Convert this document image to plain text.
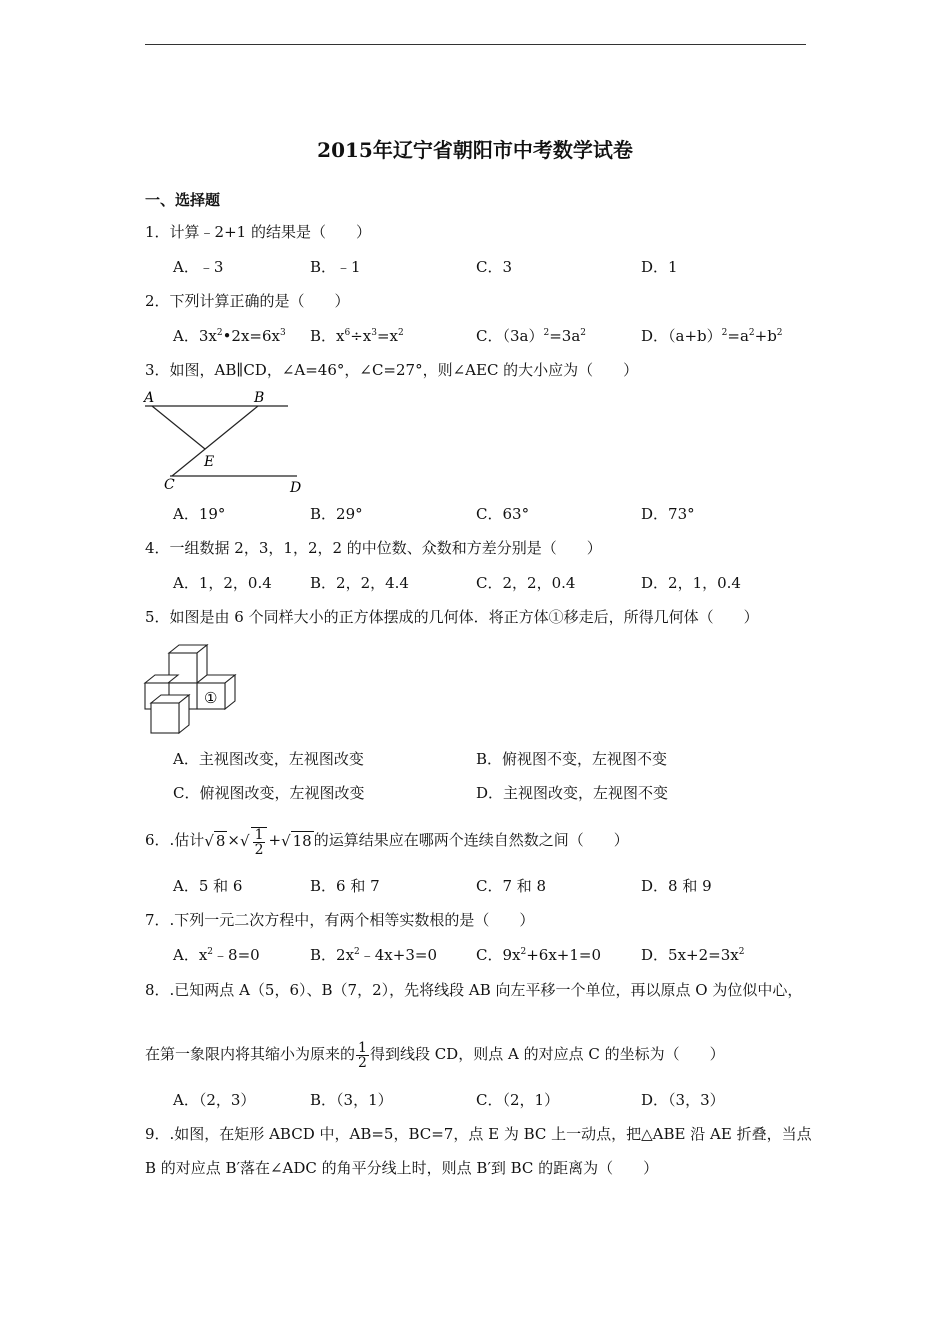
2015年辽宁省朝阳市中考数学试卷
一、选择题
1．计算﹣2+1 的结果是（　　）
A．﹣3	B．﹣1	C．3	D．1
2．下列计算正确的是（　　）
A．$3x^2•2x=6x^3$ B．$x^6\div x^3=x^2$	C．$(3a)^2=3a^2$	D．$(a+b)^2=a^2+b^2$
3．如图，AB∥CD，∠A=46°，∠C=27°，则∠AEC 的大小应为（　　）
A	B
E
C	D
A．19°	B．29°	C．63°	D．73°
4．一组数据 2，3，1，2，2 的中位数、众数和方差分别是（　　）
A．1，2，0.4	B．2，2，4.4	C．2，2，0.4	D．2，1，0.4
5．如图是由 6 个同样大小的正方体摆成的几何体．将正方体①移走后，所得几何体（　　）
①
A．主视图改变，左视图改变	B．俯视图不变，左视图不变
C．俯视图改变，左视图改变	D．主视图改变，左视图不变
6．.估计√ 8 ×√ $\frac{1}{2}$ +√ 18 的运算结果应在哪两个连续自然数之间（　　）
A．5 和 6	B．6 和 7	C．7 和 8	D．8 和 9
7．.下列一元二次方程中，有两个相等实数根的是（　　）
A．$x^2﹣8=0$	B．$2x^2﹣4x+3=0$	C．$9x^2+6x+1=0$	D．$5x+2=3x^2$
8．.已知两点 A（5，6）、B（7，2），先将线段 AB 向左平移一个单位，再以原点 O 为位似中心，
在第一象限内将其缩小为原来的 $\frac{1}{2}$ 得到线段 CD，则点 A 的对应点 C 的坐标为（　　）
A．（2，3）	B．（3，1）	C．（2，1）	D．（3，3）
9．.如图，在矩形 ABCD 中，AB=5，BC=7，点 E 为 BC 上一动点，把△ABE 沿 AE 折叠，当点
B 的对应点 B′落在∠ADC 的角平分线上时，则点 B′到 BC 的距离为（　　）
